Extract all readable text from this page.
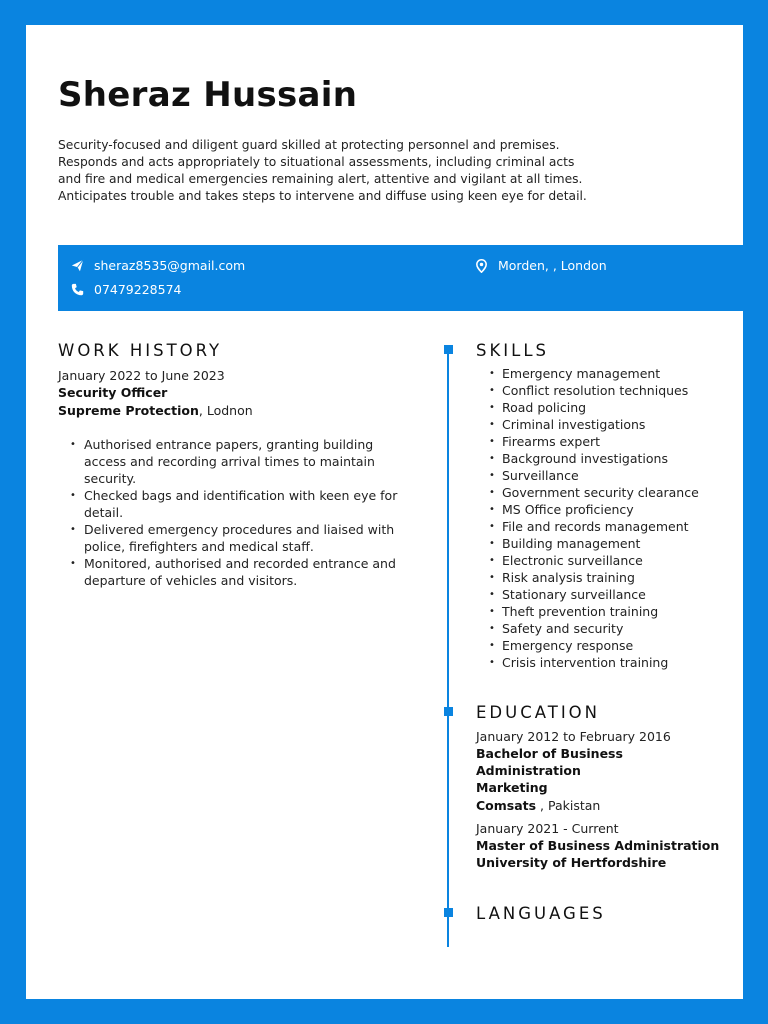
Sheraz Hussain

Security-focused and diligent guard skilled at protecting personnel and premises. Responds and acts appropriately to situational assessments, including criminal acts and fire and medical emergencies remaining alert, attentive and vigilant at all times. Anticipates trouble and takes steps to intervene and diffuse using keen eye for detail.

sheraz8535@gmail.com
07479228574
Morden, , London
WORK HISTORY

January 2022 to June 2023

Security Officer

Supreme Protection, Lodnon

• Authorised entrance papers, granting building access and recording arrival times to maintain security.
• Checked bags and identification with keen eye for detail.
• Delivered emergency procedures and liaised with police, firefighters and medical staff.
• Monitored, authorised and recorded entrance and departure of vehicles and visitors.
SKILLS
• Emergency management
• Conflict resolution techniques
• Road policing
• Criminal investigations
• Firearms expert
• Background investigations
• Surveillance
• Government security clearance
• MS Office proficiency
• File and records management
• Building management
• Electronic surveillance
• Risk analysis training
• Stationary surveillance
• Theft prevention training
• Safety and security
• Emergency response
• Crisis intervention training
EDUCATION

January 2012 to February 2016

Bachelor of Business Administration

Marketing

Comsats , Pakistan

January 2021 - Current

Master of Business Administration

University of Hertfordshire

LANGUAGES
